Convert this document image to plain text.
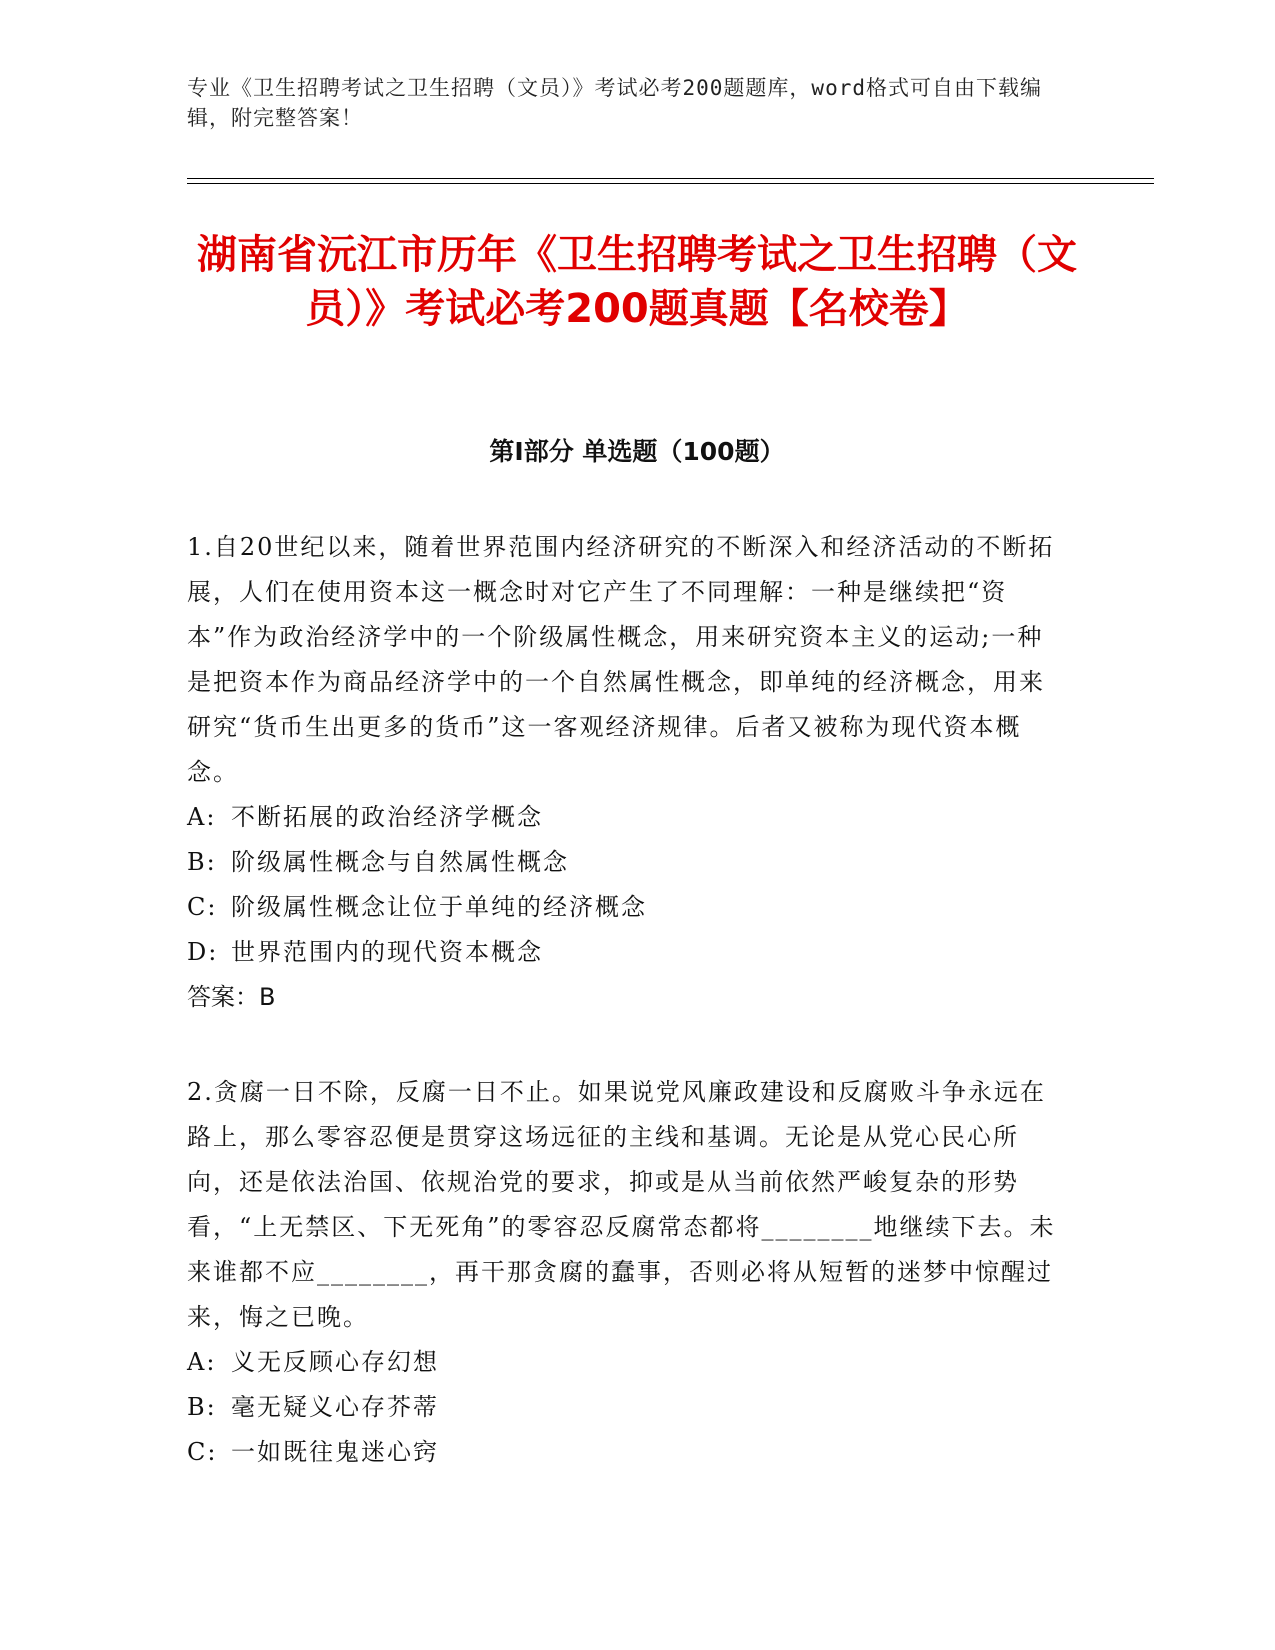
专业《卫生招聘考试之卫生招聘（文员）》考试必考200题题库，word格式可自由下载编辑，附完整答案！

湖南省沅江市历年《卫生招聘考试之卫生招聘（文员）》考试必考200题真题【名校卷】
第I部分 单选题（100题）

1.自20世纪以来，随着世界范围内经济研究的不断深入和经济活动的不断拓展，人们在使用资本这一概念时对它产生了不同理解：一种是继续把“资本”作为政治经济学中的一个阶级属性概念，用来研究资本主义的运动;一种是把资本作为商品经济学中的一个自然属性概念，即单纯的经济概念，用来研究“货币生出更多的货币”这一客观经济规律。后者又被称为现代资本概念。

A: 不断拓展的政治经济学概念

B: 阶级属性概念与自然属性概念

C: 阶级属性概念让位于单纯的经济概念

D: 世界范围内的现代资本概念

答案：B

2.贪腐一日不除，反腐一日不止。如果说党风廉政建设和反腐败斗争永远在路上，那么零容忍便是贯穿这场远征的主线和基调。无论是从党心民心所向，还是依法治国、依规治党的要求，抑或是从当前依然严峻复杂的形势看，“上无禁区、下无死角”的零容忍反腐常态都将________地继续下去。未来谁都不应________，再干那贪腐的蠢事，否则必将从短暂的迷梦中惊醒过来，悔之已晚。

A: 义无反顾心存幻想

B: 毫无疑义心存芥蒂

C: 一如既往鬼迷心窍
